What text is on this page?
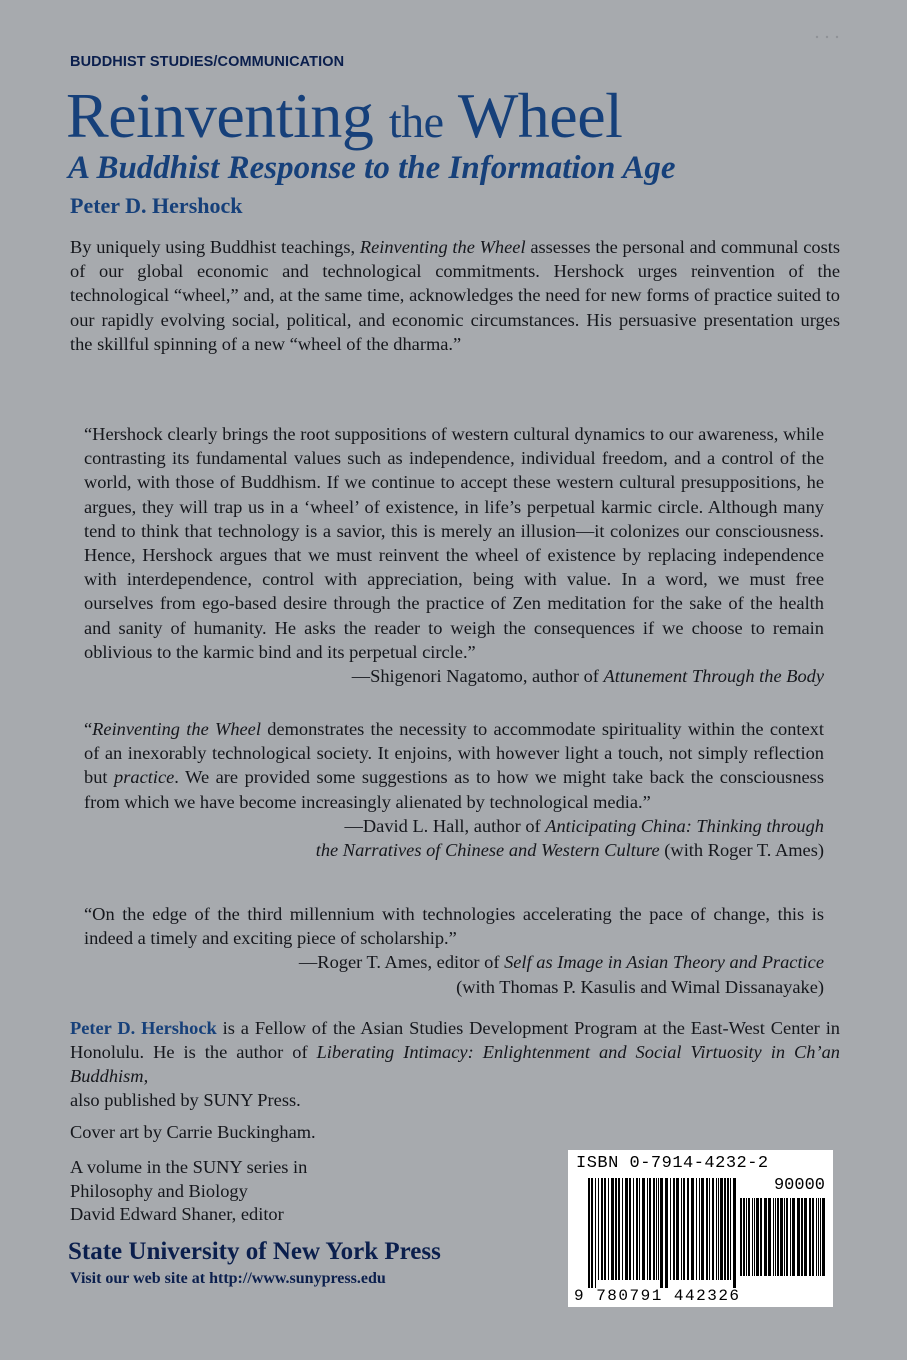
BUDDHIST STUDIES/COMMUNICATION
Reinventing the Wheel
A Buddhist Response to the Information Age
Peter D. Hershock

By uniquely using Buddhist teachings, Reinventing the Wheel assesses the personal and communal costs of our global economic and technological commitments. Hershock urges reinvention of the technological “wheel,” and, at the same time, acknowledges the need for new forms of practice suited to our rapidly evolving social, political, and economic circumstances. His persuasive presentation urges the skillful spinning of a new “wheel of the dharma.”

“Hershock clearly brings the root suppositions of western cultural dynamics to our awareness, while contrasting its fundamental values such as independence, individual freedom, and a control of the world, with those of Buddhism. If we continue to accept these western cultural presuppositions, he argues, they will trap us in a ‘wheel’ of existence, in life’s perpetual karmic circle. Although many tend to think that technology is a savior, this is merely an illusion—it colonizes our consciousness. Hence, Hershock argues that we must reinvent the wheel of existence by replacing independence with interdependence, control with appreciation, being with value. In a word, we must free ourselves from ego-based desire through the practice of Zen meditation for the sake of the health and sanity of humanity. He asks the reader to weigh the consequences if we choose to remain oblivious to the karmic bind and its perpetual circle.”

—Shigenori Nagatomo, author of Attunement Through the Body

“Reinventing the Wheel demonstrates the necessity to accommodate spirituality within the context of an inexorably technological society. It enjoins, with however light a touch, not simply reflection but practice. We are provided some suggestions as to how we might take back the consciousness from which we have become increasingly alienated by technological media.”

—David L. Hall, author of Anticipating China: Thinking through
the Narratives of Chinese and Western Culture (with Roger T. Ames)

“On the edge of the third millennium with technologies accelerating the pace of change, this is indeed a timely and exciting piece of scholarship.”

—Roger T. Ames, editor of Self as Image in Asian Theory and Practice
(with Thomas P. Kasulis and Wimal Dissanayake)

Peter D. Hershock is a Fellow of the Asian Studies Development Program at the East-West Center in Honolulu. He is the author of Liberating Intimacy: Enlightenment and Social Virtuosity in Ch’an Buddhism,
also published by SUNY Press.

Cover art by Carrie Buckingham.
A volume in the SUNY series in
Philosophy and Biology
David Edward Shaner, editor
State University of New York Press
Visit our web site at http://www.sunypress.edu
ISBN 0-7914-4232-2
90000
9 780791 442326
